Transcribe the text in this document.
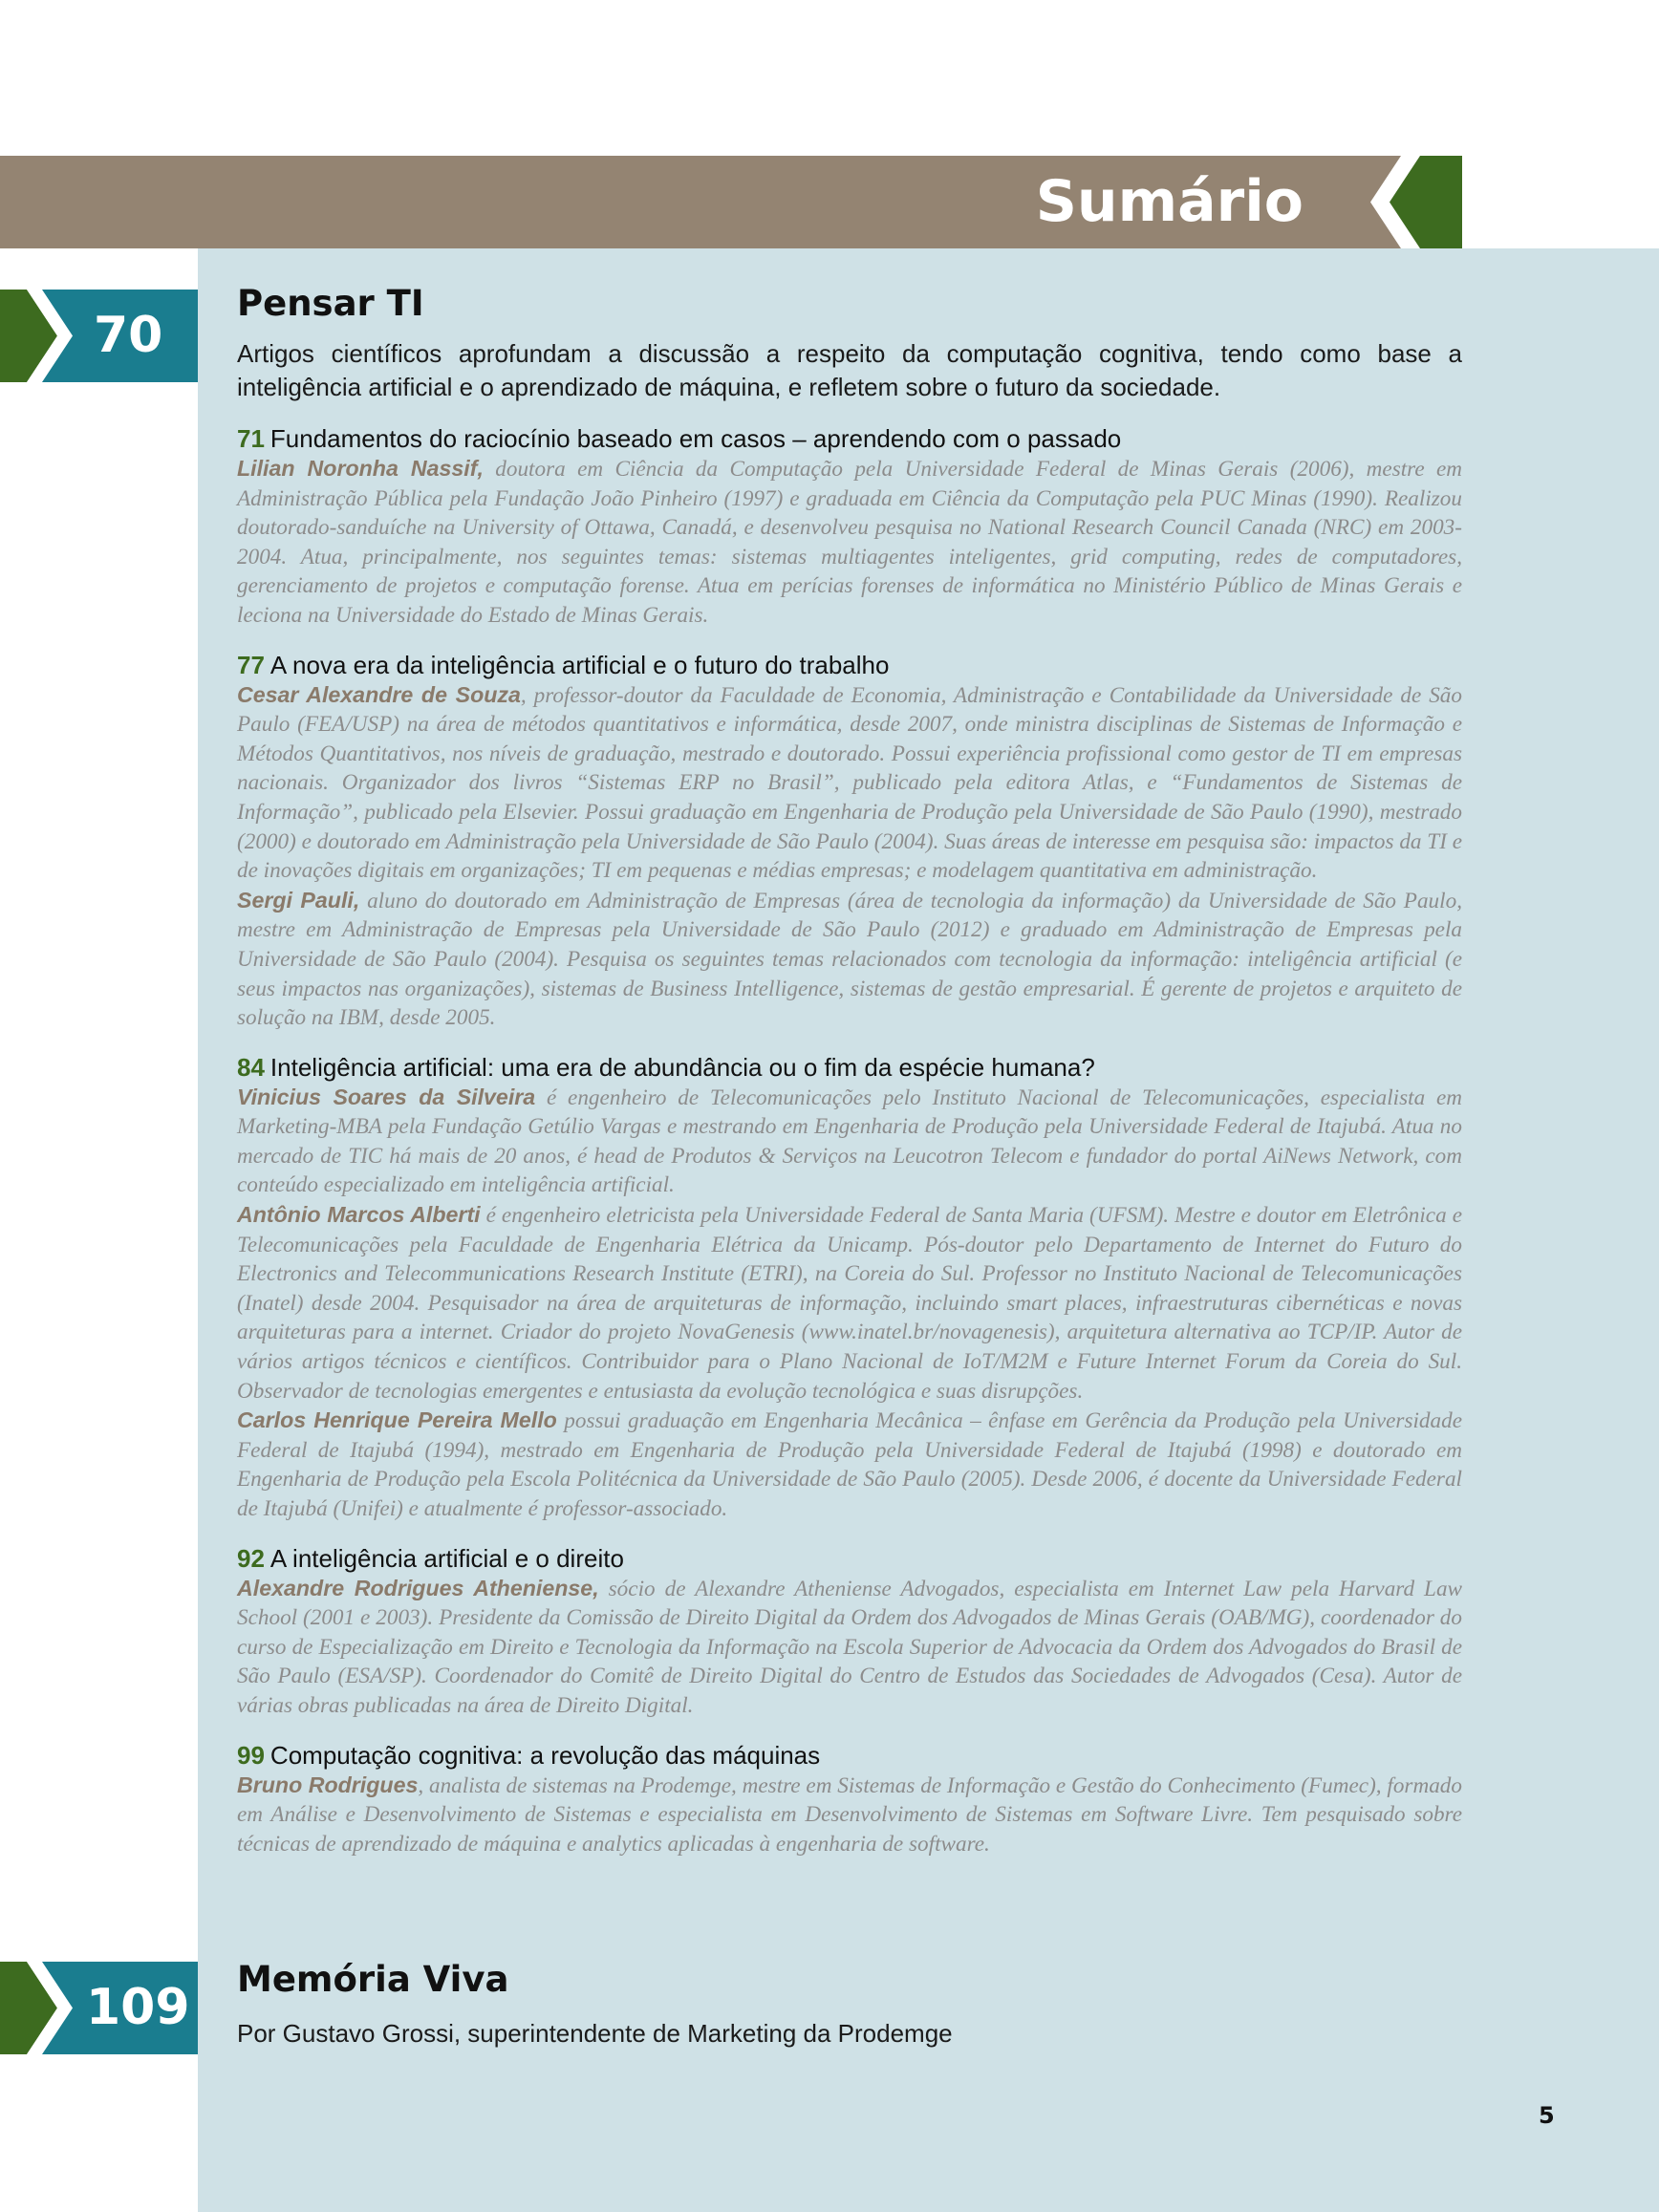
Sumário
70
Pensar TI

Artigos científicos aprofundam a discussão a respeito da computação cognitiva, tendo como base a inteligência artificial e o aprendizado de máquina, e refletem sobre o futuro da sociedade.

71 Fundamentos do raciocínio baseado em casos – aprendendo com o passado

Lilian Noronha Nassif, doutora em Ciência da Computação pela Universidade Federal de Minas Gerais (2006), mestre em Administração Pública pela Fundação João Pinheiro (1997) e graduada em Ciência da Computação pela PUC Minas (1990). Realizou doutorado-sanduíche na University of Ottawa, Canadá, e desenvolveu pesquisa no National Research Council Canada (NRC) em 2003-2004. Atua, principalmente, nos seguintes temas: sistemas multiagentes inteligentes, grid computing, redes de computadores, gerenciamento de projetos e computação forense. Atua em perícias forenses de informática no Ministério Público de Minas Gerais e leciona na Universidade do Estado de Minas Gerais.

77 A nova era da inteligência artificial e o futuro do trabalho

Cesar Alexandre de Souza, professor-doutor da Faculdade de Economia, Administração e Contabilidade da Universidade de São Paulo (FEA/USP) na área de métodos quantitativos e informática, desde 2007, onde ministra disciplinas de Sistemas de Informação e Métodos Quantitativos, nos níveis de graduação, mestrado e doutorado. Possui experiência profissional como gestor de TI em empresas nacionais. Organizador dos livros “Sistemas ERP no Brasil”, publicado pela editora Atlas, e “Fundamentos de Sistemas de Informação”, publicado pela Elsevier. Possui graduação em Engenharia de Produção pela Universidade de São Paulo (1990), mestrado (2000) e doutorado em Administração pela Universidade de São Paulo (2004). Suas áreas de interesse em pesquisa são: impactos da TI e de inovações digitais em organizações; TI em pequenas e médias empresas; e modelagem quantitativa em administração.

Sergi Pauli, aluno do doutorado em Administração de Empresas (área de tecnologia da informação) da Universidade de São Paulo, mestre em Administração de Empresas pela Universidade de São Paulo (2012) e graduado em Administração de Empresas pela Universidade de São Paulo (2004). Pesquisa os seguintes temas relacionados com tecnologia da informação: inteligência artificial (e seus impactos nas organizações), sistemas de Business Intelligence, sistemas de gestão empresarial. É gerente de projetos e arquiteto de solução na IBM, desde 2005.

84 Inteligência artificial: uma era de abundância ou o fim da espécie humana?

Vinicius Soares da Silveira é engenheiro de Telecomunicações pelo Instituto Nacional de Telecomunicações, especialista em Marketing-MBA pela Fundação Getúlio Vargas e mestrando em Engenharia de Produção pela Universidade Federal de Itajubá. Atua no mercado de TIC há mais de 20 anos, é head de Produtos & Serviços na Leucotron Telecom e fundador do portal AiNews Network, com conteúdo especializado em inteligência artificial.

Antônio Marcos Alberti é engenheiro eletricista pela Universidade Federal de Santa Maria (UFSM). Mestre e doutor em Eletrônica e Telecomunicações pela Faculdade de Engenharia Elétrica da Unicamp. Pós-doutor pelo Departamento de Internet do Futuro do Electronics and Telecommunications Research Institute (ETRI), na Coreia do Sul. Professor no Instituto Nacional de Telecomunicações (Inatel) desde 2004. Pesquisador na área de arquiteturas de informação, incluindo smart places, infraestruturas cibernéticas e novas arquiteturas para a internet. Criador do projeto NovaGenesis (www.inatel.br/novagenesis), arquitetura alternativa ao TCP/IP. Autor de vários artigos técnicos e científicos. Contribuidor para o Plano Nacional de IoT/M2M e Future Internet Forum da Coreia do Sul. Observador de tecnologias emergentes e entusiasta da evolução tecnológica e suas disrupções.

Carlos Henrique Pereira Mello possui graduação em Engenharia Mecânica – ênfase em Gerência da Produção pela Universidade Federal de Itajubá (1994), mestrado em Engenharia de Produção pela Universidade Federal de Itajubá (1998) e doutorado em Engenharia de Produção pela Escola Politécnica da Universidade de São Paulo (2005). Desde 2006, é docente da Universidade Federal de Itajubá (Unifei) e atualmente é professor-associado.

92 A inteligência artificial e o direito

Alexandre Rodrigues Atheniense, sócio de Alexandre Atheniense Advogados, especialista em Internet Law pela Harvard Law School (2001 e 2003). Presidente da Comissão de Direito Digital da Ordem dos Advogados de Minas Gerais (OAB/MG), coordenador do curso de Especialização em Direito e Tecnologia da Informação na Escola Superior de Advocacia da Ordem dos Advogados do Brasil de São Paulo (ESA/SP). Coordenador do Comitê de Direito Digital do Centro de Estudos das Sociedades de Advogados (Cesa). Autor de várias obras publicadas na área de Direito Digital.

99 Computação cognitiva: a revolução das máquinas

Bruno Rodrigues, analista de sistemas na Prodemge, mestre em Sistemas de Informação e Gestão do Conhecimento (Fumec), formado em Análise e Desenvolvimento de Sistemas e especialista em Desenvolvimento de Sistemas em Software Livre. Tem pesquisado sobre técnicas de aprendizado de máquina e analytics aplicadas à engenharia de software.

109 Memória Viva

Por Gustavo Grossi, superintendente de Marketing da Prodemge

5
